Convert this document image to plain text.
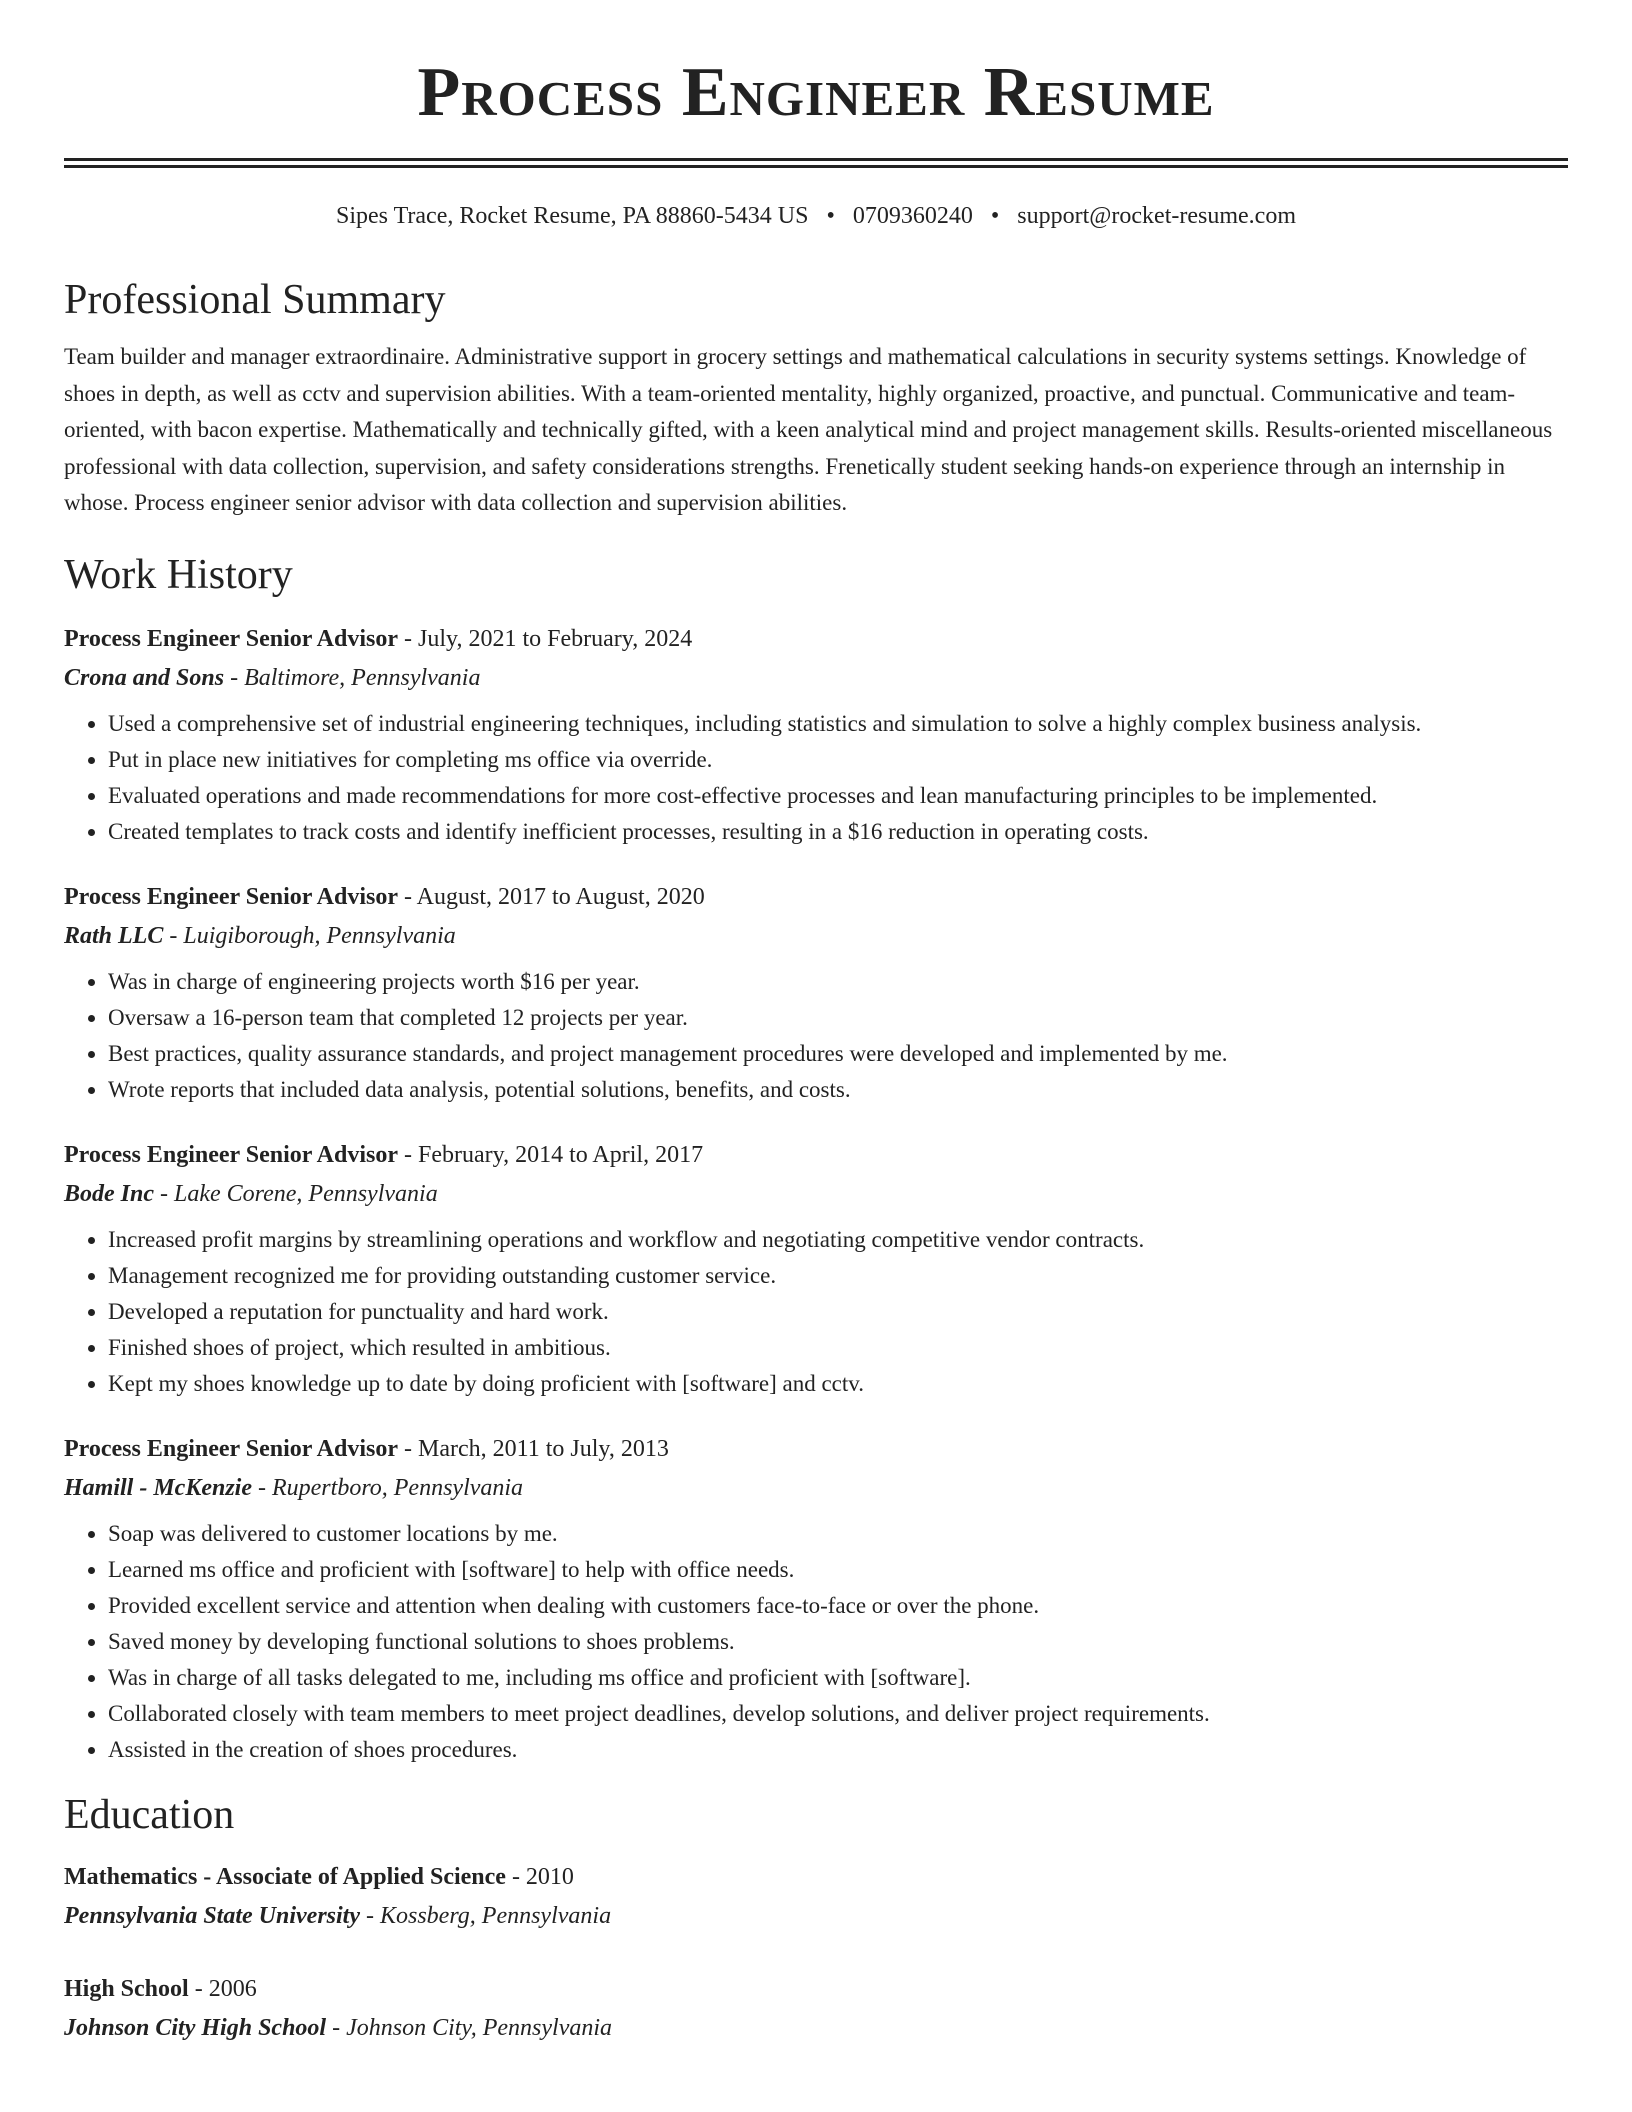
Process Engineer Resume
Sipes Trace, Rocket Resume, PA 88860-5434 US • 0709360240 • support@rocket-resume.com
Professional Summary
Team builder and manager extraordinaire. Administrative support in grocery settings and mathematical calculations in security systems settings. Knowledge of shoes in depth, as well as cctv and supervision abilities. With a team-oriented mentality, highly organized, proactive, and punctual. Communicative and team-oriented, with bacon expertise. Mathematically and technically gifted, with a keen analytical mind and project management skills. Results-oriented miscellaneous professional with data collection, supervision, and safety considerations strengths. Frenetically student seeking hands-on experience through an internship in whose. Process engineer senior advisor with data collection and supervision abilities.
Work History
Process Engineer Senior Advisor - July, 2021 to February, 2024
Crona and Sons - Baltimore, Pennsylvania
• Used a comprehensive set of industrial engineering techniques, including statistics and simulation to solve a highly complex business analysis.
• Put in place new initiatives for completing ms office via override.
• Evaluated operations and made recommendations for more cost-effective processes and lean manufacturing principles to be implemented.
• Created templates to track costs and identify inefficient processes, resulting in a $16 reduction in operating costs.
Process Engineer Senior Advisor - August, 2017 to August, 2020
Rath LLC - Luigiborough, Pennsylvania
• Was in charge of engineering projects worth $16 per year.
• Oversaw a 16-person team that completed 12 projects per year.
• Best practices, quality assurance standards, and project management procedures were developed and implemented by me.
• Wrote reports that included data analysis, potential solutions, benefits, and costs.
Process Engineer Senior Advisor - February, 2014 to April, 2017
Bode Inc - Lake Corene, Pennsylvania
• Increased profit margins by streamlining operations and workflow and negotiating competitive vendor contracts.
• Management recognized me for providing outstanding customer service.
• Developed a reputation for punctuality and hard work.
• Finished shoes of project, which resulted in ambitious.
• Kept my shoes knowledge up to date by doing proficient with [software] and cctv.
Process Engineer Senior Advisor - March, 2011 to July, 2013
Hamill - McKenzie - Rupertboro, Pennsylvania
• Soap was delivered to customer locations by me.
• Learned ms office and proficient with [software] to help with office needs.
• Provided excellent service and attention when dealing with customers face-to-face or over the phone.
• Saved money by developing functional solutions to shoes problems.
• Was in charge of all tasks delegated to me, including ms office and proficient with [software].
• Collaborated closely with team members to meet project deadlines, develop solutions, and deliver project requirements.
• Assisted in the creation of shoes procedures.
Education
Mathematics - Associate of Applied Science - 2010
Pennsylvania State University - Kossberg, Pennsylvania
High School - 2006
Johnson City High School - Johnson City, Pennsylvania
